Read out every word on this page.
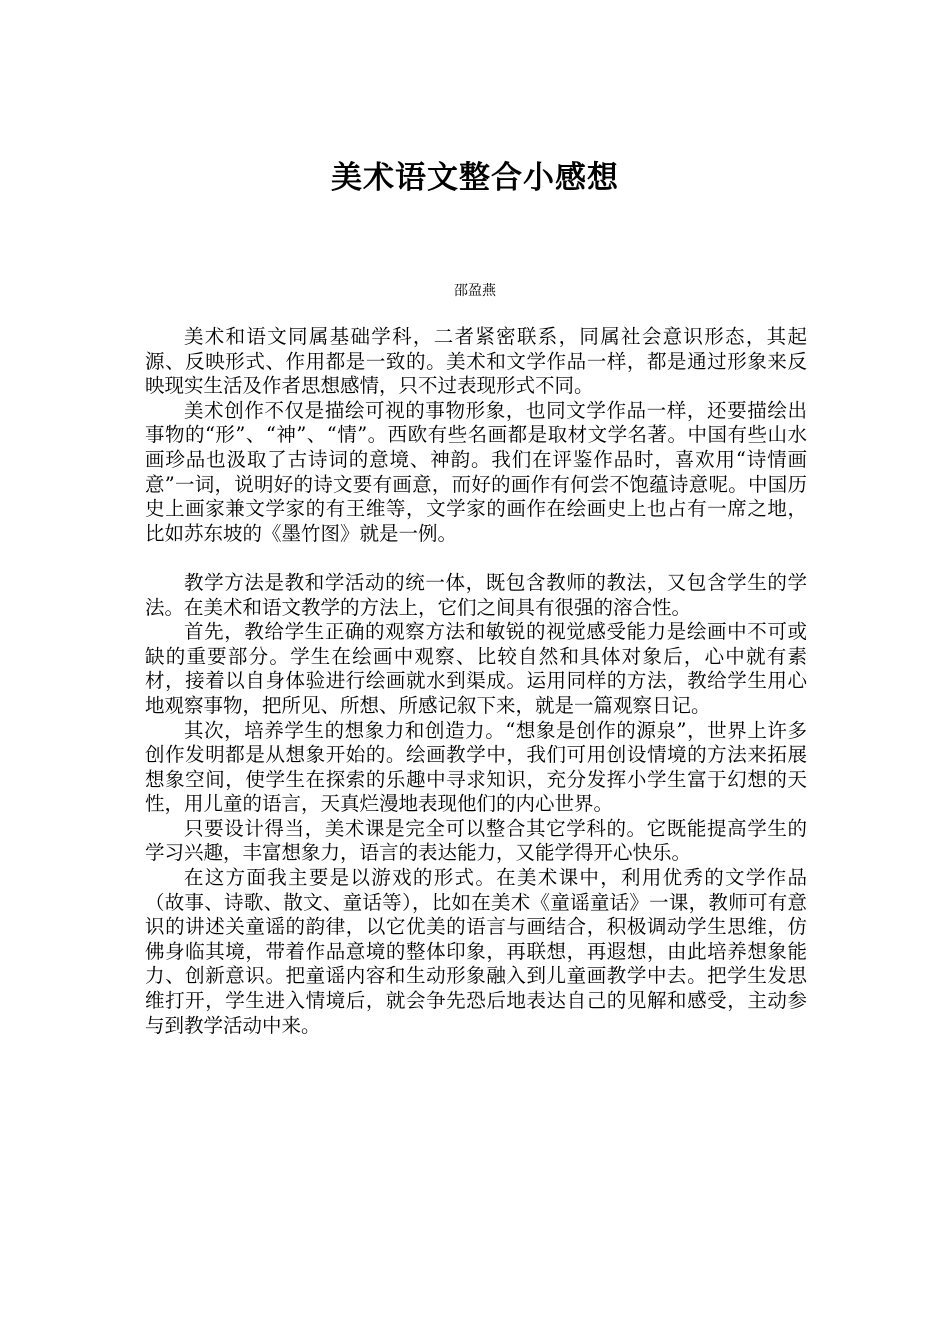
美术语文整合小感想
邵盈燕

美术和语文同属基础学科，二者紧密联系，同属社会意识形态，其起源、反映形式、作用都是一致的。美术和文学作品一样，都是通过形象来反映现实生活及作者思想感情，只不过表现形式不同。

美术创作不仅是描绘可视的事物形象，也同文学作品一样，还要描绘出事物的“形”、“神”、“情”。西欧有些名画都是取材文学名著。中国有些山水画珍品也汲取了古诗词的意境、神韵。我们在评鉴作品时，喜欢用“诗情画意”一词，说明好的诗文要有画意，而好的画作有何尝不饱蕴诗意呢。中国历史上画家兼文学家的有王维等，文学家的画作在绘画史上也占有一席之地，比如苏东坡的《墨竹图》就是一例。

教学方法是教和学活动的统一体，既包含教师的教法，又包含学生的学法。在美术和语文教学的方法上，它们之间具有很强的溶合性。

首先，教给学生正确的观察方法和敏锐的视觉感受能力是绘画中不可或缺的重要部分。学生在绘画中观察、比较自然和具体对象后，心中就有素材，接着以自身体验进行绘画就水到渠成。运用同样的方法，教给学生用心地观察事物，把所见、所想、所感记叙下来，就是一篇观察日记。

其次，培养学生的想象力和创造力。“想象是创作的源泉”，世界上许多创作发明都是从想象开始的。绘画教学中，我们可用创设情境的方法来拓展想象空间，使学生在探索的乐趣中寻求知识，充分发挥小学生富于幻想的天性，用儿童的语言，天真烂漫地表现他们的内心世界。

只要设计得当，美术课是完全可以整合其它学科的。它既能提高学生的学习兴趣，丰富想象力，语言的表达能力，又能学得开心快乐。

在这方面我主要是以游戏的形式。在美术课中，利用优秀的文学作品（故事、诗歌、散文、童话等），比如在美术《童谣童话》一课，教师可有意识的讲述关童谣的韵律，以它优美的语言与画结合，积极调动学生思维，仿佛身临其境，带着作品意境的整体印象，再联想，再遐想，由此培养想象能力、创新意识。把童谣内容和生动形象融入到儿童画教学中去。把学生发思维打开，学生进入情境后，就会争先恐后地表达自己的见解和感受，主动参与到教学活动中来。
